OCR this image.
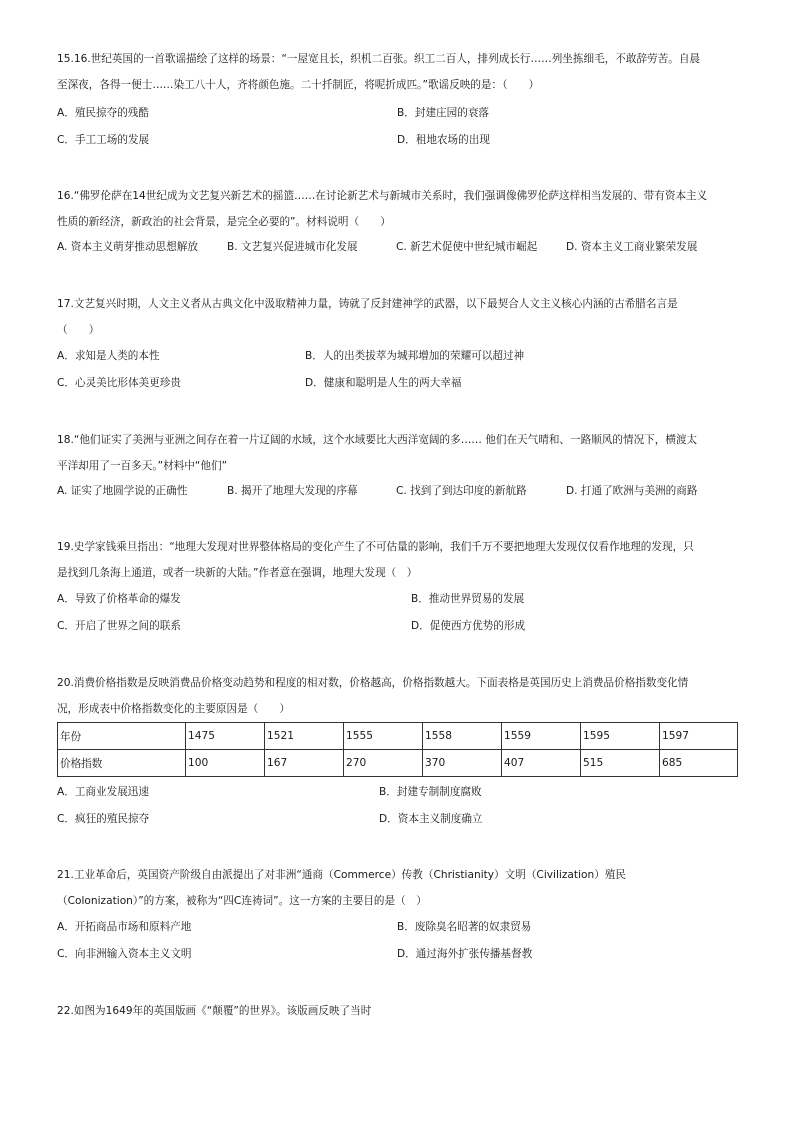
15.16.世纪英国的一首歌谣描绘了这样的场景：“一屋宽且长，织机二百张。织工二百人，排列成长行……列坐拣细毛，不敢辞劳苦。自晨
至深夜，各得一便士……染工八十人，齐将颜色施。二十扦制匠，将呢折成匹。”歌谣反映的是：（　　）
A．殖民掠夺的残酷	B．封建庄园的衰落
C．手工工场的发展	D．租地农场的出现
16.“佛罗伦萨在14世纪成为文艺复兴新艺术的摇篮……在讨论新艺术与新城市关系时，我们强调像佛罗伦萨这样相当发展的、带有资本主义
性质的新经济，新政治的社会背景，是完全必要的”。材料说明（　　）
A. 资本主义萌芽推动思想解放	B. 文艺复兴促进城市化发展	C. 新艺术促使中世纪城市崛起	D. 资本主义工商业繁荣发展
17.文艺复兴时期，人文主义者从古典文化中汲取精神力量，铸就了反封建神学的武器，以下最契合人文主义核心内涵的古希腊名言是
（　　）
A．求知是人类的本性	B．人的出类拔萃为城邦增加的荣耀可以超过神
C．心灵美比形体美更珍贵	D．健康和聪明是人生的两大幸福
18.“他们证实了美洲与亚洲之间存在着一片辽阔的水域，这个水域要比大西洋宽阔的多…… 他们在天气晴和、一路顺风的情况下，横渡太
平洋却用了一百多天。”材料中“他们”
A. 证实了地圆学说的正确性	B. 揭开了地理大发现的序幕	C. 找到了到达印度的新航路	D. 打通了欧洲与美洲的商路
19.史学家钱乘旦指出：“地理大发现对世界整体格局的变化产生了不可估量的影响，我们千万不要把地理大发现仅仅看作地理的发现，只
是找到几条海上通道，或者一块新的大陆。”作者意在强调，地理大发现（　）
A．导致了价格革命的爆发	B．推动世界贸易的发展
C．开启了世界之间的联系	D．促使西方优势的形成
20.消费价格指数是反映消费品价格变动趋势和程度的相对数，价格越高，价格指数越大。下面表格是英国历史上消费品价格指数变化情
况，形成表中价格指数变化的主要原因是（　　）
年份	1475	1521	1555	1558	1559	1595	1597
价格指数	100	167	270	370	407	515	685
A．工商业发展迅速	B．封建专制制度腐败
C．疯狂的殖民掠夺	D．资本主义制度确立
21.工业革命后，英国资产阶级自由派提出了对非洲“通商（Commerce）传教（Christianity）文明（Civilization）殖民
（Colonization）”的方案，被称为“四C连祷词”。这一方案的主要目的是（　）
A．开拓商品市场和原料产地	B．废除臭名昭著的奴隶贸易
C．向非洲输入资本主义文明	D．通过海外扩张传播基督教
22.如图为1649年的英国版画《“颠覆”的世界》。该版画反映了当时
